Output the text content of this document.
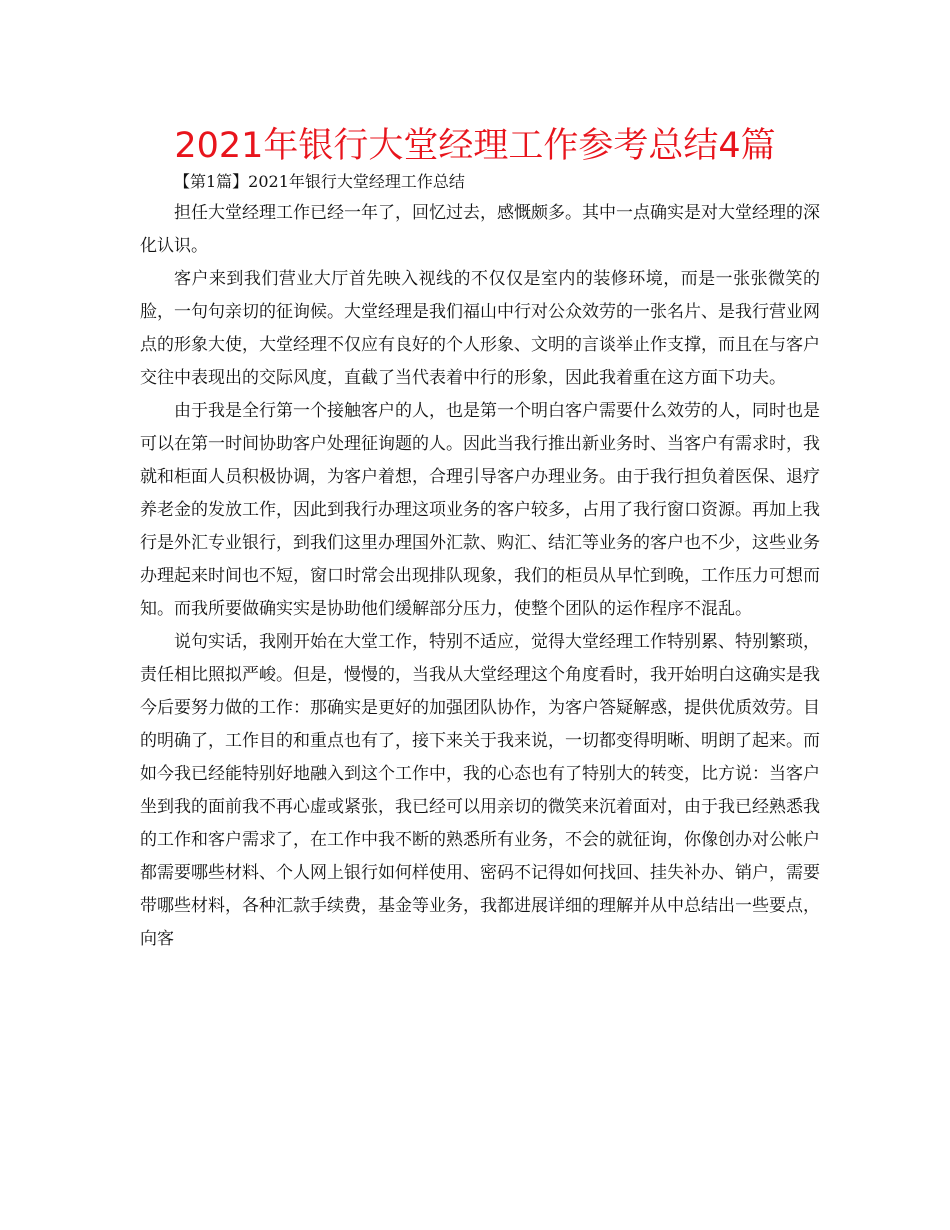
2021年银行大堂经理工作参考总结4篇
【第1篇】2021年银行大堂经理工作总结

担任大堂经理工作已经一年了，回忆过去，感慨颇多。其中一点确实是对大堂经理的深化认识。

客户来到我们营业大厅首先映入视线的不仅仅是室内的装修环境，而是一张张微笑的脸，一句句亲切的征询候。大堂经理是我们福山中行对公众效劳的一张名片、是我行营业网点的形象大使，大堂经理不仅应有良好的个人形象、文明的言谈举止作支撑，而且在与客户交往中表现出的交际风度，直截了当代表着中行的形象，因此我着重在这方面下功夫。

由于我是全行第一个接触客户的人，也是第一个明白客户需要什么效劳的人，同时也是可以在第一时间协助客户处理征询题的人。因此当我行推出新业务时、当客户有需求时，我就和柜面人员积极协调，为客户着想，合理引导客户办理业务。由于我行担负着医保、退疗养老金的发放工作，因此到我行办理这项业务的客户较多，占用了我行窗口资源。再加上我行是外汇专业银行，到我们这里办理国外汇款、购汇、结汇等业务的客户也不少，这些业务办理起来时间也不短，窗口时常会出现排队现象，我们的柜员从早忙到晚，工作压力可想而知。而我所要做确实实是协助他们缓解部分压力，使整个团队的运作程序不混乱。

说句实话，我刚开始在大堂工作，特别不适应，觉得大堂经理工作特别累、特别繁琐，责任相比照拟严峻。但是，慢慢的，当我从大堂经理这个角度看时，我开始明白这确实是我今后要努力做的工作：那确实是更好的加强团队协作，为客户答疑解惑，提供优质效劳。目的明确了，工作目的和重点也有了，接下来关于我来说，一切都变得明晰、明朗了起来。而如今我已经能特别好地融入到这个工作中，我的心态也有了特别大的转变，比方说：当客户坐到我的面前我不再心虚或紧张，我已经可以用亲切的微笑来沉着面对，由于我已经熟悉我的工作和客户需求了，在工作中我不断的熟悉所有业务，不会的就征询，你像创办对公帐户都需要哪些材料、个人网上银行如何样使用、密码不记得如何找回、挂失补办、销户，需要带哪些材料，各种汇款手续费，基金等业务，我都进展详细的理解并从中总结出一些要点，向客
